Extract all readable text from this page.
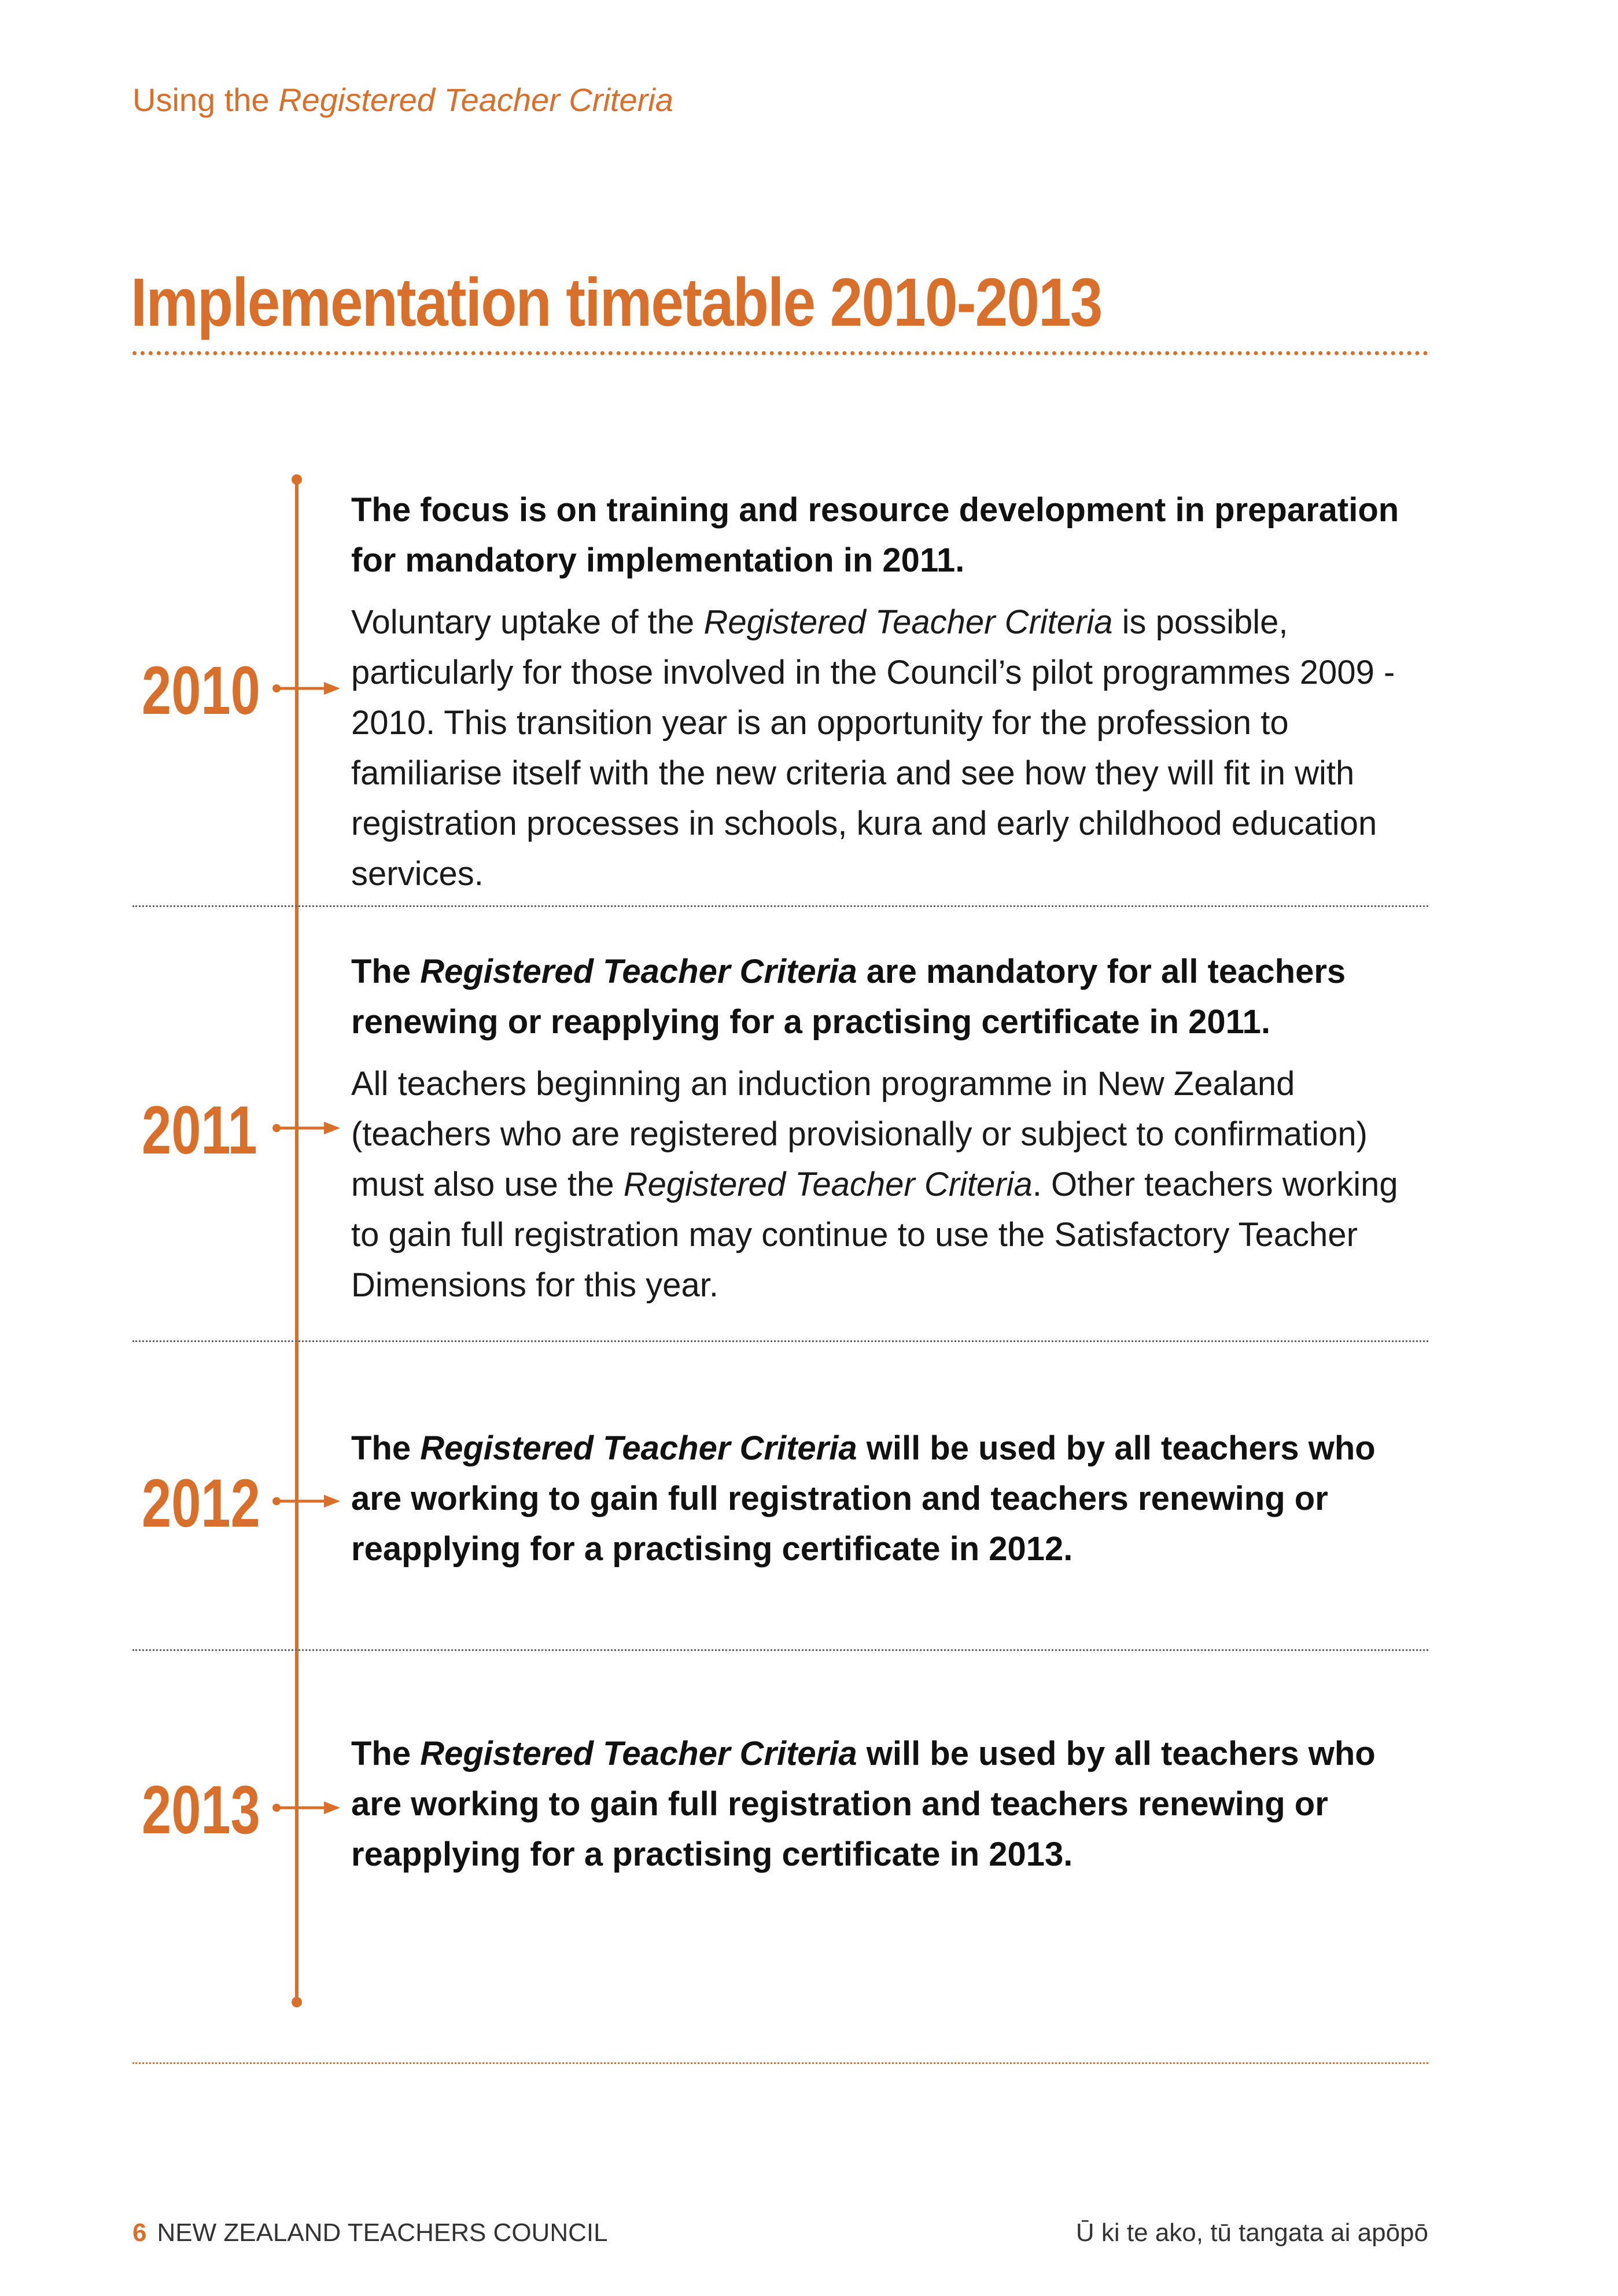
Using the Registered Teacher Criteria
Implementation timetable 2010-2013
2010

The focus is on training and resource development in preparation for mandatory implementation in 2011.

Voluntary uptake of the Registered Teacher Criteria is possible, particularly for those involved in the Council’s pilot programmes 2009 - 2010. This transition year is an opportunity for the profession to familiarise itself with the new criteria and see how they will fit in with registration processes in schools, kura and early childhood education services.

2011

The Registered Teacher Criteria are mandatory for all teachers renewing or reapplying for a practising certificate in 2011.

All teachers beginning an induction programme in New Zealand (teachers who are registered provisionally or subject to confirmation) must also use the Registered Teacher Criteria. Other teachers working to gain full registration may continue to use the Satisfactory Teacher Dimensions for this year.

2012

The Registered Teacher Criteria will be used by all teachers who are working to gain full registration and teachers renewing or reapplying for a practising certificate in 2012.

2013

The Registered Teacher Criteria will be used by all teachers who are working to gain full registration and teachers renewing or reapplying for a practising certificate in 2013.

6 NEW ZEALAND TEACHERS COUNCIL	Ū ki te ako, tū tangata ai apōpō
